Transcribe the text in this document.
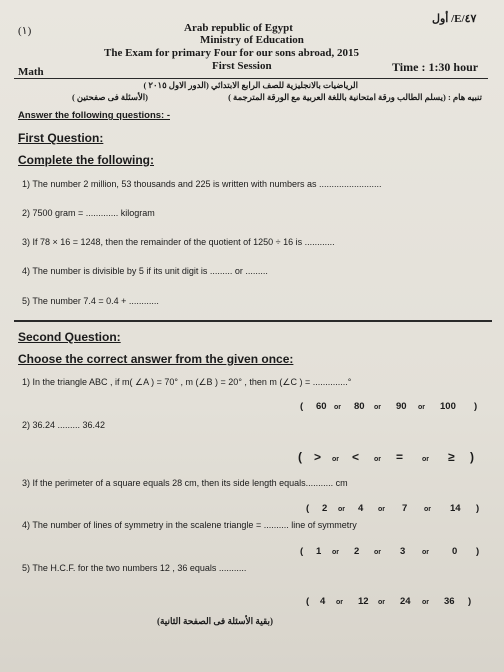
(١)
٤٧/E/ أول
Arab republic of Egypt
Ministry of Education
The Exam for primary Four for our sons abroad, 2015
Math	First Session	Time : 1:30 hour
الرياضيات بالانجليزية للصف الرابع الابتدائي (الدور الاول ٢٠١٥ )
تنبيه هام : (يسلم الطالب ورقة امتحانية باللغة العربية مع الورقة المترجمة )
(الأسئلة فى صفحتين )
Answer the following questions: -
First Question:
Complete the following:
1) The number 2 million, 53 thousands and 225 is written with numbers as .........................
2) 7500 gram = ............. kilogram
3) If 78 × 16 = 1248, then the remainder of the quotient of 1250 ÷ 16 is ............
4) The number is divisible by 5 if its unit digit is ......... or .........
5) The number 7.4 = 0.4 + ............
Second Question:
Choose the correct answer from the given once:
1) In the triangle ABC , if m( ∠A ) = 70° , m (∠B ) = 20° , then m (∠C ) = ..............°
( 60 or 80 or 90 or 100 )
2) 36.24 ......... 36.42
( > or < or =	or ≥ )
3) If the perimeter of a square equals 28 cm, then its side length equals........... cm
( 2 or 4 or 7 or 14 )
4) The number of lines of symmetry in the scalene triangle = .......... line of symmetry
( 1 or 2 or 3 or 0 )
5) The H.C.F. for the two numbers 12 , 36 equals ...........
( 4 or 12 or 24 or 36 )
(بقية الأسئلة فى الصفحة الثانية)
